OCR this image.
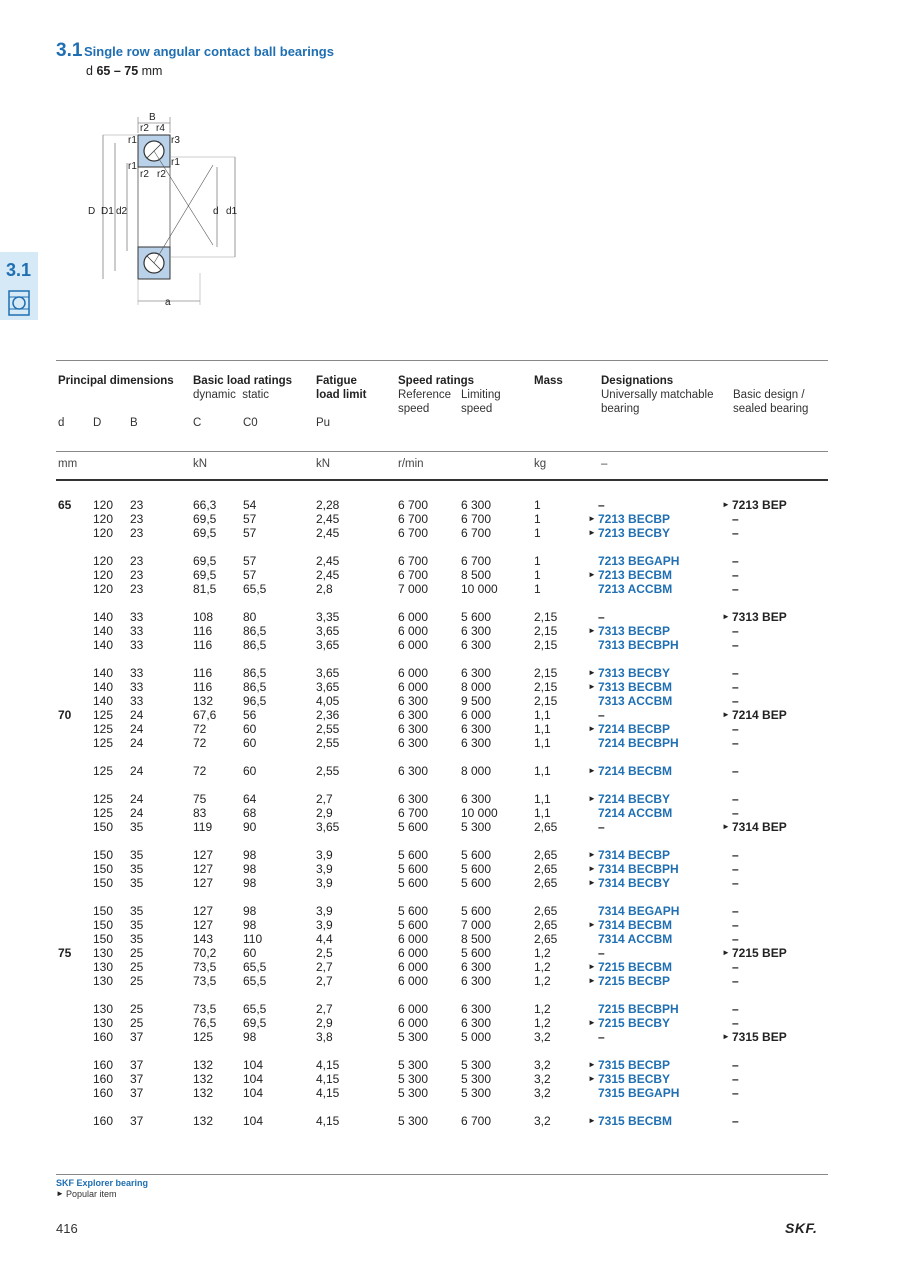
3.1 Single row angular contact ball bearings
d 65 – 75 mm
3.1
B
r1
r2 r4
r3
r1
r1
r2 r2
D D1 d2	d d1
a
Principal dimensions Basic load ratings
dynamic  static
Fatigue
load limit
Speed ratings
Reference
speed
Limiting
speed
Mass	Designations
Universally matchable
bearing
Basic design /
sealed bearing
d D B	C	C0	Pu
mm	kN	kN	r/min	kg	–
65 120 23	66,3 54	2,28	6 700	6 300	1	–	► 7213 BEP
120 23	69,5 57	2,45	6 700	6 700	1	► 7213 BECBP	–
120 23	69,5 57	2,45	6 700	6 700	1	► 7213 BECBY	–
120 23	69,5 57	2,45	6 700	6 700	1	7213 BEGAPH	–
120 23	69,5 57	2,45	6 700	8 500	1	► 7213 BECBM	–
120 23	81,5 65,5	2,8	7 000	10 000	1	7213 ACCBM	–
140 33	108 80	3,35	6 000	5 600	2,15	–	► 7313 BEP
140 33	116	86,5	3,65	6 000	6 300	2,15	► 7313 BECBP	–
140 33	116	86,5	3,65	6 000	6 300	2,15	7313 BECBPH	–
140 33	116	86,5	3,65	6 000	6 300	2,15	► 7313 BECBY	–
140 33	116	86,5	3,65	6 000	8 000	2,15	► 7313 BECBM	–
140 33	132 96,5	4,05	6 300	9 500	2,15	7313 ACCBM	–
70 125 24	67,6 56	2,36	6 300	6 000	1,1	–	► 7214 BEP
125 24	72	60	2,55	6 300	6 300	1,1	► 7214 BECBP	–
125 24	72	60	2,55	6 300	6 300	1,1	7214 BECBPH	–
125 24	72	60	2,55	6 300	8 000	1,1	► 7214 BECBM	–
125 24	75	64	2,7	6 300	6 300	1,1	► 7214 BECBY	–
125 24	83	68	2,9	6 700	10 000	1,1	7214 ACCBM	–
150 35	119	90	3,65	5 600	5 300	2,65	–	► 7314 BEP
150 35	127 98	3,9	5 600	5 600	2,65	► 7314 BECBP	–
150 35	127 98	3,9	5 600	5 600	2,65	► 7314 BECBPH	–
150 35	127 98	3,9	5 600	5 600	2,65	► 7314 BECBY	–
150 35	127 98	3,9	5 600	5 600	2,65	7314 BEGAPH	–
150 35	127 98	3,9	5 600	7 000	2,65	► 7314 BECBM	–
150 35	143 110	4,4	6 000	8 500	2,65	7314 ACCBM	–
75 130 25	70,2 60	2,5	6 000	5 600	1,2	–	► 7215 BEP
130 25	73,5 65,5	2,7	6 000	6 300	1,2	► 7215 BECBM	–
130 25	73,5 65,5	2,7	6 000	6 300	1,2	► 7215 BECBP	–
130 25	73,5 65,5	2,7	6 000	6 300	1,2	7215 BECBPH	–
130 25	76,5 69,5	2,9	6 000	6 300	1,2	► 7215 BECBY	–
160 37	125 98	3,8	5 300	5 000	3,2	–	► 7315 BEP
160 37	132 104	4,15	5 300	5 300	3,2	► 7315 BECBP	–
160 37	132 104	4,15	5 300	5 300	3,2	► 7315 BECBY	–
160 37	132 104	4,15	5 300	5 300	3,2	7315 BEGAPH	–
160 37	132 104	4,15	5 300	6 700	3,2	► 7315 BECBM	–
SKF Explorer bearing
► Popular item
416	SKF.
